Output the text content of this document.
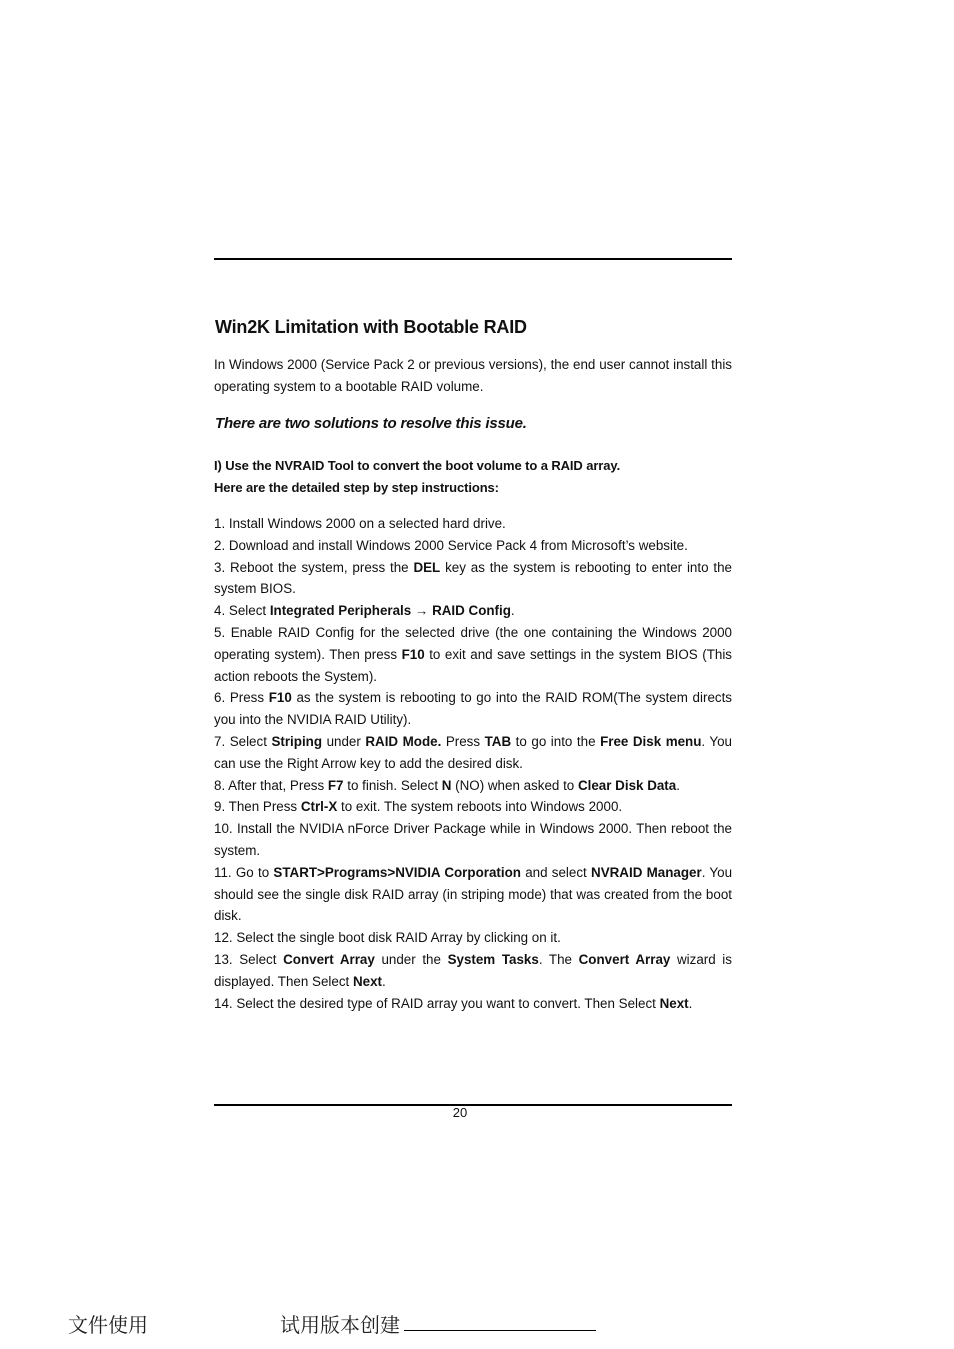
Win2K Limitation with Bootable RAID

In Windows 2000 (Service Pack 2 or previous versions), the end user cannot install this operating system to a bootable RAID volume.

There are two solutions to resolve this issue.

I) Use the NVRAID Tool to convert the boot volume to a RAID array.
Here are the detailed step by step instructions:
1. Install Windows 2000 on a selected hard drive.
2. Download and install Windows 2000 Service Pack 4 from Microsoft’s website.
3. Reboot the system, press the DEL key as the system is rebooting to enter into the system BIOS.
4. Select Integrated Peripherals → RAID Config.
5. Enable RAID Config for the selected drive (the one containing the Windows 2000 operating system). Then press F10 to exit and save settings in the system BIOS (This action reboots the System).
6. Press F10 as the system is rebooting to go into the RAID ROM(The system directs you into the NVIDIA RAID Utility).
7. Select Striping under RAID Mode. Press TAB to go into the Free Disk menu. You can use the Right Arrow key to add the desired disk.
8. After that, Press F7 to finish. Select N (NO) when asked to Clear Disk Data.
9. Then Press Ctrl-X to exit. The system reboots into Windows 2000.
10. Install the NVIDIA nForce Driver Package while in Windows 2000. Then reboot the system.
11. Go to START>Programs>NVIDIA Corporation and select NVRAID Manager. You should see the single disk RAID array (in striping mode) that was created from the boot disk.
12. Select the single boot disk RAID Array by clicking on it.
13. Select Convert Array under the System Tasks. The Convert Array wizard is displayed. Then Select Next.
14. Select the desired type of RAID array you want to convert. Then Select Next.
20
文件使用	试用版本创建
